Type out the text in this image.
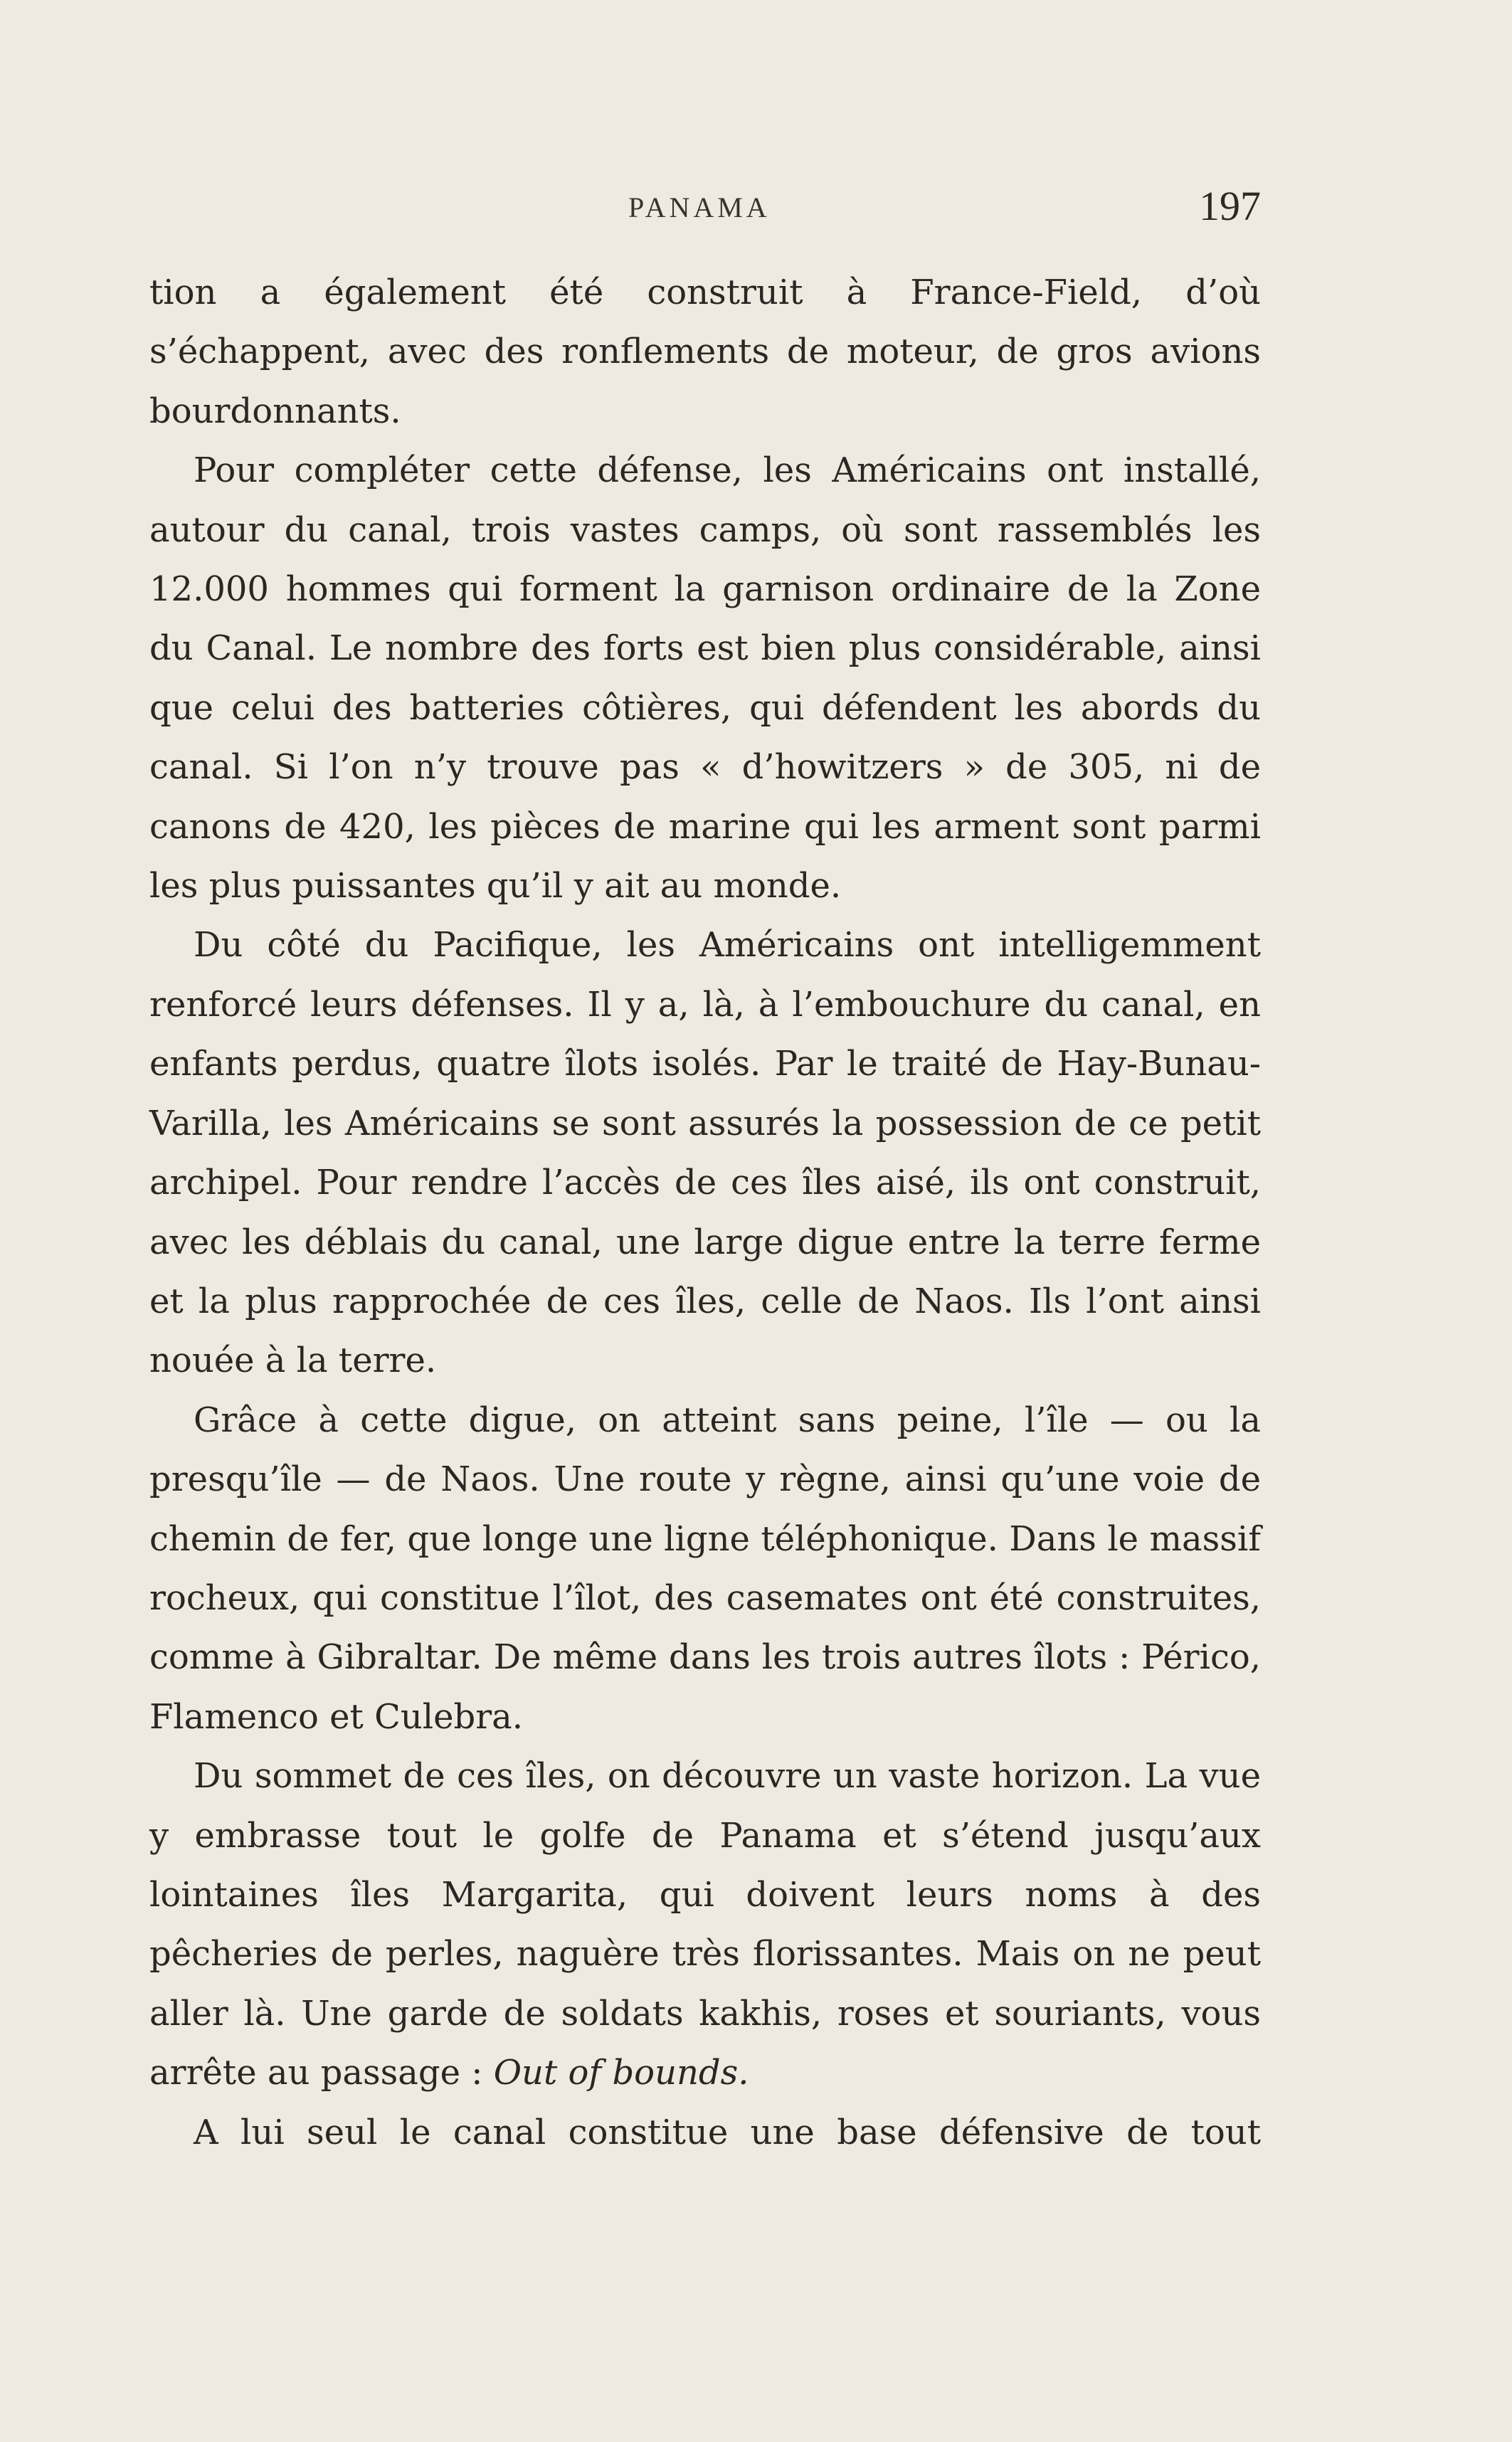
PANAMA	197

tion a également été construit à France-Field, d’où s’échappent, avec des ronflements de moteur, de gros avions bourdonnants.

Pour compléter cette défense, les Américains ont installé, autour du canal, trois vastes camps, où sont rassemblés les 12.000 hommes qui forment la garnison ordinaire de la Zone du Canal. Le nombre des forts est bien plus considérable, ainsi que celui des batteries côtières, qui défendent les abords du canal. Si l’on n’y trouve pas « d’howitzers » de 305, ni de canons de 420, les pièces de marine qui les arment sont parmi les plus puissantes qu’il y ait au monde.

Du côté du Pacifique, les Américains ont intelligemment renforcé leurs défenses. Il y a, là, à l’embouchure du canal, en enfants perdus, quatre îlots isolés. Par le traité de Hay-Bunau-Varilla, les Américains se sont assurés la possession de ce petit archipel. Pour rendre l’accès de ces îles aisé, ils ont construit, avec les déblais du canal, une large digue entre la terre ferme et la plus rapprochée de ces îles, celle de Naos. Ils l’ont ainsi nouée à la terre.

Grâce à cette digue, on atteint sans peine, l’île — ou la presqu’île — de Naos. Une route y règne, ainsi qu’une voie de chemin de fer, que longe une ligne téléphonique. Dans le massif rocheux, qui constitue l’îlot, des casemates ont été construites, comme à Gibraltar. De même dans les trois autres îlots : Périco, Flamenco et Culebra.

Du sommet de ces îles, on découvre un vaste horizon. La vue y embrasse tout le golfe de Panama et s’étend jusqu’aux lointaines îles Margarita, qui doivent leurs noms à des pêcheries de perles, naguère très florissantes. Mais on ne peut aller là. Une garde de soldats kakhis, roses et souriants, vous arrête au passage : Out of bounds.

A lui seul le canal constitue une base défensive de tout
